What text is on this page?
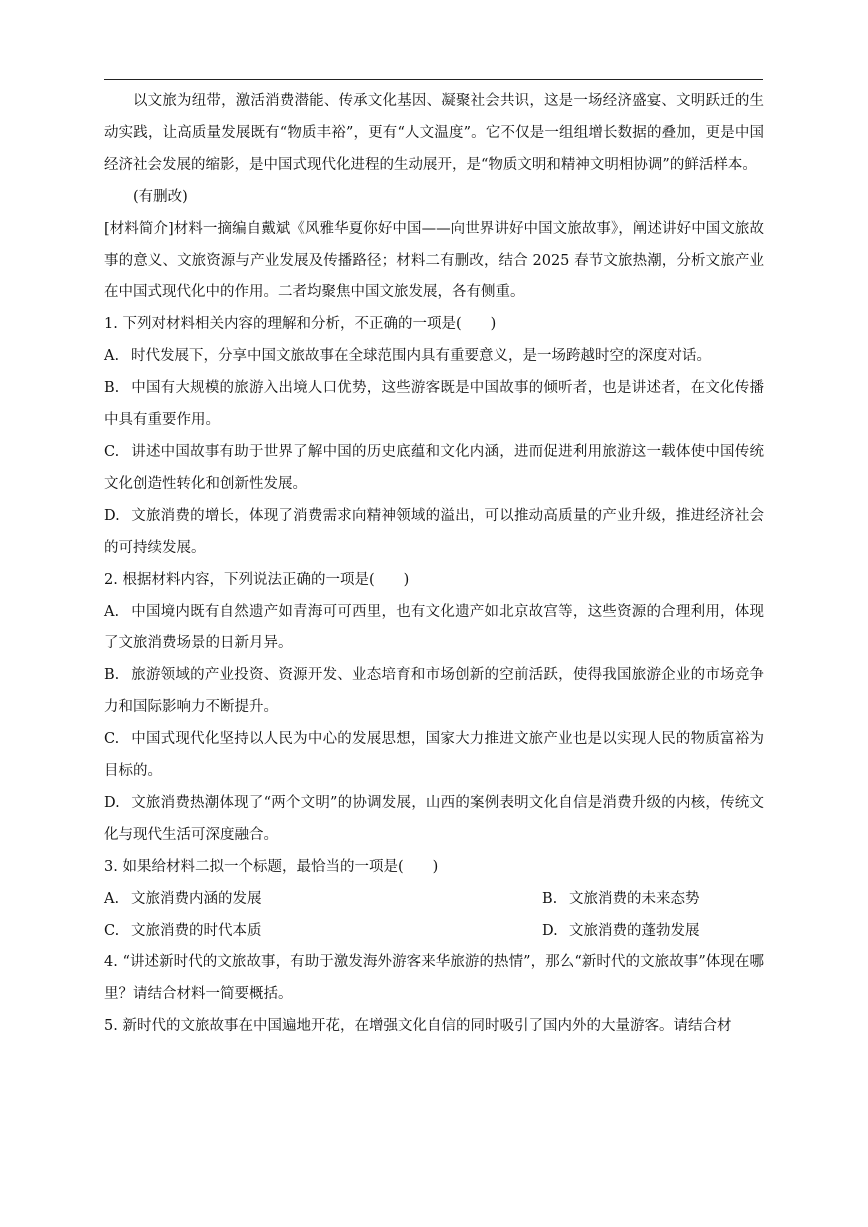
以文旅为纽带，激活消费潜能、传承文化基因、凝聚社会共识，这是一场经济盛宴、文明跃迁的生动实践，让高质量发展既有“物质丰裕”，更有“人文温度”。它不仅是一组组增长数据的叠加，更是中国经济社会发展的缩影，是中国式现代化进程的生动展开，是“物质文明和精神文明相协调”的鲜活样本。

(有删改)

[材料简介]材料一摘编自戴斌《风雅华夏你好中国——向世界讲好中国文旅故事》，阐述讲好中国文旅故事的意义、文旅资源与产业发展及传播路径；材料二有删改，结合 2025 春节文旅热潮，分析文旅产业在中国式现代化中的作用。二者均聚焦中国文旅发展，各有侧重。

1. 下列对材料相关内容的理解和分析，不正确的一项是(　　)

A. 时代发展下，分享中国文旅故事在全球范围内具有重要意义，是一场跨越时空的深度对话。

B. 中国有大规模的旅游入出境人口优势，这些游客既是中国故事的倾听者，也是讲述者，在文化传播中具有重要作用。

C. 讲述中国故事有助于世界了解中国的历史底蕴和文化内涵，进而促进利用旅游这一载体使中国传统文化创造性转化和创新性发展。

D. 文旅消费的增长，体现了消费需求向精神领域的溢出，可以推动高质量的产业升级，推进经济社会的可持续发展。

2. 根据材料内容，下列说法正确的一项是(　　)

A. 中国境内既有自然遗产如青海可可西里，也有文化遗产如北京故宫等，这些资源的合理利用，体现了文旅消费场景的日新月异。

B. 旅游领域的产业投资、资源开发、业态培育和市场创新的空前活跃，使得我国旅游企业的市场竞争力和国际影响力不断提升。

C. 中国式现代化坚持以人民为中心的发展思想，国家大力推进文旅产业也是以实现人民的物质富裕为目标的。

D. 文旅消费热潮体现了“两个文明”的协调发展，山西的案例表明文化自信是消费升级的内核，传统文化与现代生活可深度融合。

3. 如果给材料二拟一个标题，最恰当的一项是(　　)

A. 文旅消费内涵的发展	B. 文旅消费的未来态势
C. 文旅消费的时代本质	D. 文旅消费的蓬勃发展

4. “讲述新时代的文旅故事，有助于激发海外游客来华旅游的热情”，那么“新时代的文旅故事”体现在哪里？请结合材料一简要概括。

5. 新时代的文旅故事在中国遍地开花，在增强文化自信的同时吸引了国内外的大量游客。请结合材
